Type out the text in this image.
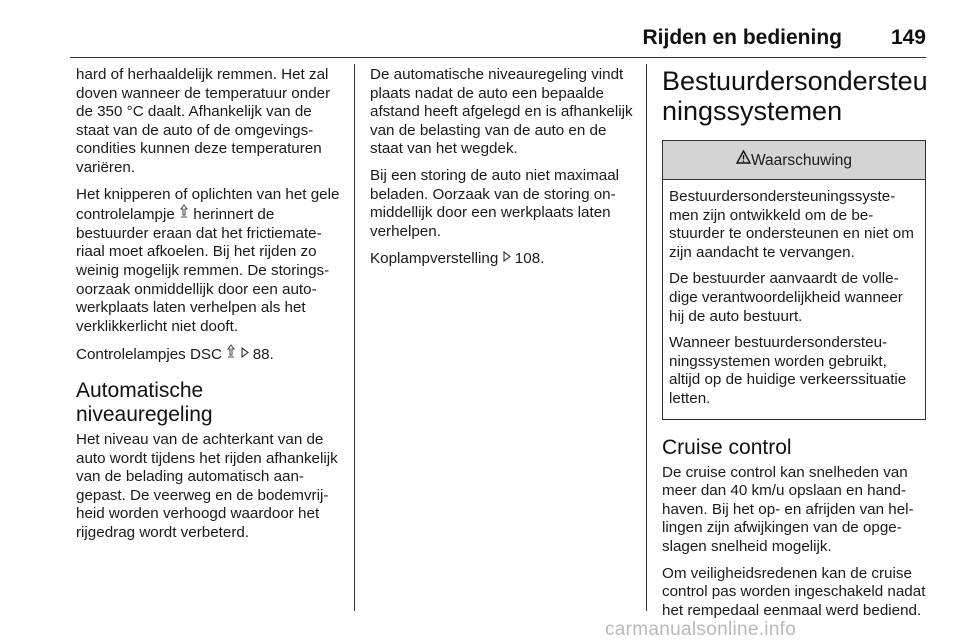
Rijden en bediening 149

hard of herhaaldelijk remmen. Het zal doven wanneer de temperatuur onder de 350 °C daalt. Afhankelijk van de staat van de auto of de omgevingscondities kunnen deze temperaturen variëren.

Het knipperen of oplichten van het gele controlelampje herinnert de bestuurder eraan dat het frictiemateriaal moet afkoelen. Bij het rijden zo weinig mogelijk remmen. De storingsoorzaak onmiddellijk door een autowerkplaats laten verhelpen als het verklikkerlicht niet dooft.

Controlelampjes DSC 88.

Automatische
niveauregeling

Het niveau van de achterkant van de auto wordt tijdens het rijden afhankelijk van de belading automatisch aangepast. De veerweg en de bodemvrijheid worden verhoogd waardoor het rijgedrag wordt verbeterd.

De automatische niveauregeling vindt plaats nadat de auto een bepaalde afstand heeft afgelegd en is afhankelijk van de belasting van de auto en de staat van het wegdek.

Bij een storing de auto niet maximaal beladen. Oorzaak van de storing onmiddellijk door een werkplaats laten verhelpen.

Koplampverstelling 108.

Bestuurdersondersteu
ningssystemen
Waarschuwing

Bestuurdersondersteuningssystemen zijn ontwikkeld om de bestuurder te ondersteunen en niet om zijn aandacht te vervangen.

De bestuurder aanvaardt de volledige verantwoordelijkheid wanneer hij de auto bestuurt.

Wanneer bestuurdersondersteuningssystemen worden gebruikt, altijd op de huidige verkeerssituatie letten.

Cruise control

De cruise control kan snelheden van meer dan 40 km/u opslaan en handhaven. Bij het op- en afrijden van hellingen zijn afwijkingen van de opgeslagen snelheid mogelijk.

Om veiligheidsredenen kan de cruise control pas worden ingeschakeld nadat het rempedaal eenmaal werd bediend.

carmanualsonline.info
